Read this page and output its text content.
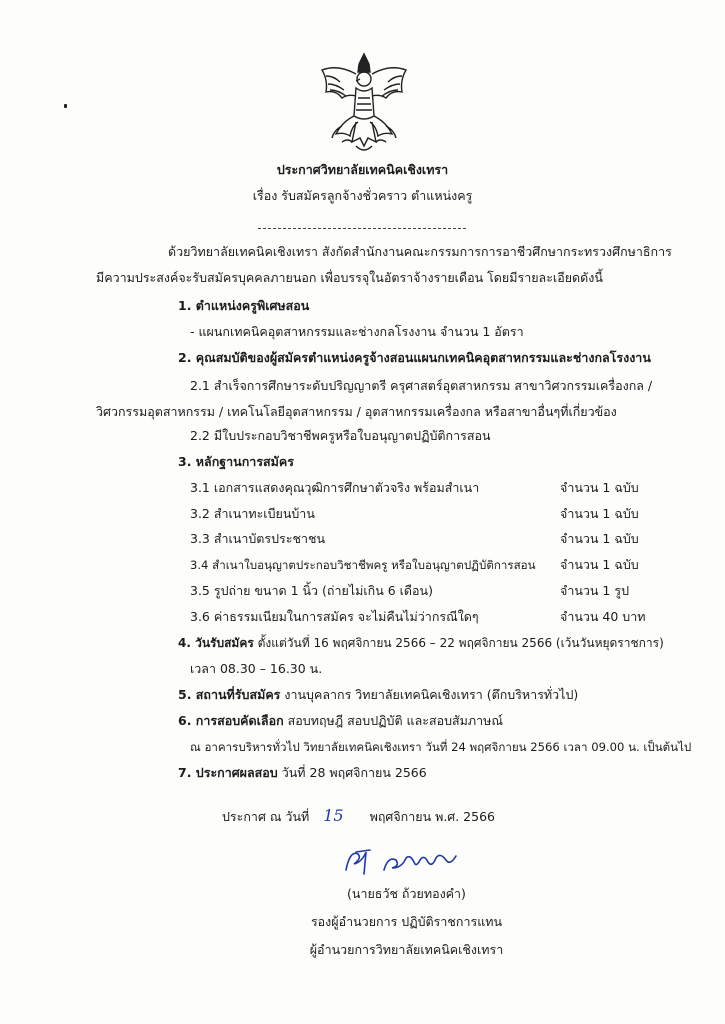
ประกาศวิทยาลัยเทคนิคเชิงเทรา
เรื่อง รับสมัครลูกจ้างชั่วคราว ตำแหน่งครู
ด้วยวิทยาลัยเทคนิคเชิงเทรา สังกัดสำนักงานคณะกรรมการการอาชีวศึกษากระทรวงศึกษาธิการ
มีความประสงค์จะรับสมัครบุคคลภายนอก เพื่อบรรจุในอัตราจ้างรายเดือน โดยมีรายละเอียดดังนี้
1. ตำแหน่งครูพิเศษสอน
- แผนกเทคนิคอุตสาหกรรมและช่างกลโรงงาน จำนวน 1 อัตรา
2. คุณสมบัติของผู้สมัครตำแหน่งครูจ้างสอนแผนกเทคนิคอุตสาหกรรมและช่างกลโรงงาน
2.1 สำเร็จการศึกษาระดับปริญญาตรี ครุศาสตร์อุตสาหกรรม สาขาวิศวกรรมเครื่องกล /
วิศวกรรมอุตสาหกรรม / เทคโนโลยีอุตสาหกรรม / อุตสาหกรรมเครื่องกล หรือสาขาอื่นๆที่เกี่ยวข้อง
2.2 มีใบประกอบวิชาชีพครูหรือใบอนุญาตปฏิบัติการสอน
3. หลักฐานการสมัคร
3.1 เอกสารแสดงคุณวุฒิการศึกษาตัวจริง พร้อมสำเนา	จำนวน 1 ฉบับ
3.2 สำเนาทะเบียนบ้าน	จำนวน 1 ฉบับ
3.3 สำเนาบัตรประชาชน	จำนวน 1 ฉบับ
3.4 สำเนาใบอนุญาตประกอบวิชาชีพครู หรือใบอนุญาตปฏิบัติการสอน จำนวน 1 ฉบับ
3.5 รูปถ่าย ขนาด 1 นิ้ว (ถ่ายไม่เกิน 6 เดือน)	จำนวน 1 รูป
3.6 ค่าธรรมเนียมในการสมัคร จะไม่คืนไม่ว่ากรณีใดๆ	จำนวน 40 บาท
4. วันรับสมัคร ตั้งแต่วันที่ 16 พฤศจิกายน 2566 – 22 พฤศจิกายน 2566 (เว้นวันหยุดราชการ)
เวลา 08.30 – 16.30 น.
5. สถานที่รับสมัคร งานบุคลากร วิทยาลัยเทคนิคเชิงเทรา (ตึกบริหารทั่วไป)
6. การสอบคัดเลือก สอบทฤษฎี สอบปฏิบัติ และสอบสัมภาษณ์
ณ อาคารบริหารทั่วไป วิทยาลัยเทคนิคเชิงเทรา วันที่ 24 พฤศจิกายน 2566 เวลา 09.00 น. เป็นต้นไป
7. ประกาศผลสอบ วันที่ 28 พฤศจิกายน 2566
ประกาศ ณ วันที่ 15 พฤศจิกายน พ.ศ. 2566
(นายธวัช ถ้วยทองคำ)
รองผู้อำนวยการ ปฏิบัติราชการแทน
ผู้อำนวยการวิทยาลัยเทคนิคเชิงเทรา
